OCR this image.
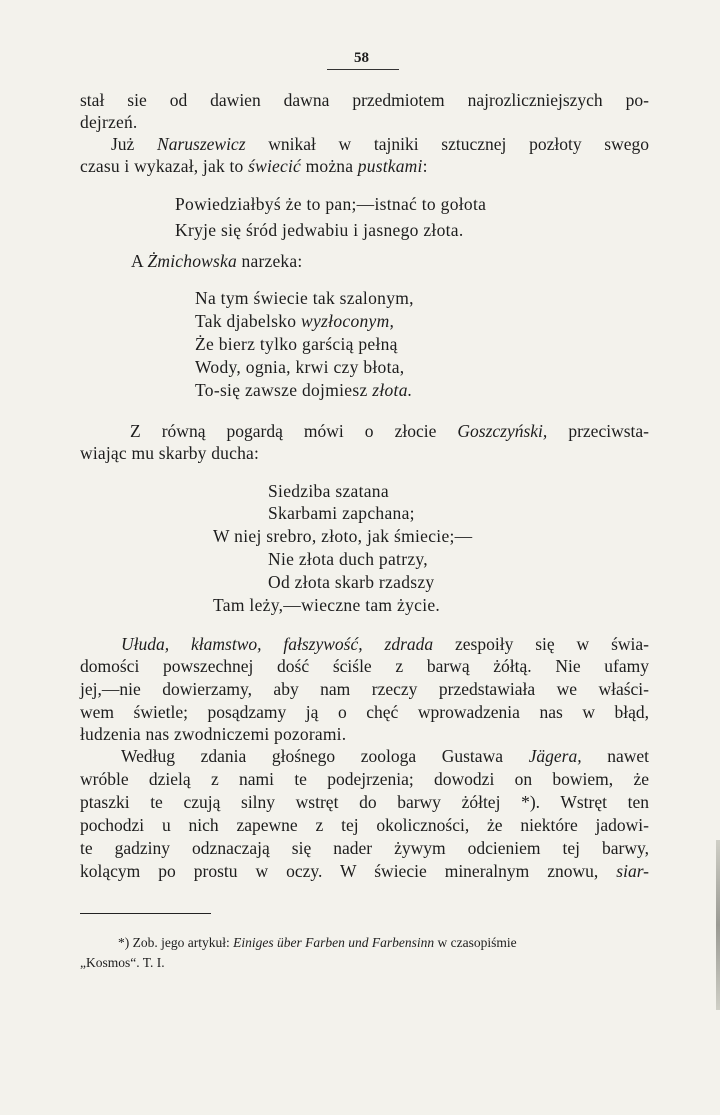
58
stał sie od dawien dawna przedmiotem najrozliczniejszych po-
dejrzeń.
Już Naruszewicz wnikał w tajniki sztucznej pozłoty swego
czasu i wykazał, jak to świecić można pustkami:
Powiedziałbyś że to pan;—istnać to gołota
Kryje się śród jedwabiu i jasnego złota.
A Żmichowska narzeka:
Na tym świecie tak szalonym,
Tak djabelsko wyzłoconym,
Że bierz tylko garścią pełną
Wody, ognia, krwi czy błota,
To-się zawsze dojmiesz złota.
Z równą pogardą mówi o złocie Goszczyński, przeciwsta-
wiając mu skarby ducha:
Siedziba szatana
Skarbami zapchana;
W niej srebro, złoto, jak śmiecie;—
Nie złota duch patrzy,
Od złota skarb rzadszy
Tam leży,—wieczne tam życie.
Ułuda, kłamstwo, fałszywość, zdrada zespoiły się w świa-
domości powszechnej dość ściśle z barwą żółtą. Nie ufamy
jej,—nie dowierzamy, aby nam rzeczy przedstawiała we właści-
wem świetle; posądzamy ją o chęć wprowadzenia nas w błąd,
łudzenia nas zwodniczemi pozorami.
Według zdania głośnego zoologa Gustawa Jägera, nawet
wróble dzielą z nami te podejrzenia; dowodzi on bowiem, że
ptaszki te czują silny wstręt do barwy żółtej *). Wstręt ten
pochodzi u nich zapewne z tej okoliczności, że niektóre jadowi-
te gadziny odznaczają się nader żywym odcieniem tej barwy,
kolącym po prostu w oczy. W świecie mineralnym znowu, siar-
*) Zob. jego artykuł: Einiges über Farben und Farbensinn w czasopiśmie
„Kosmos“. T. I.
